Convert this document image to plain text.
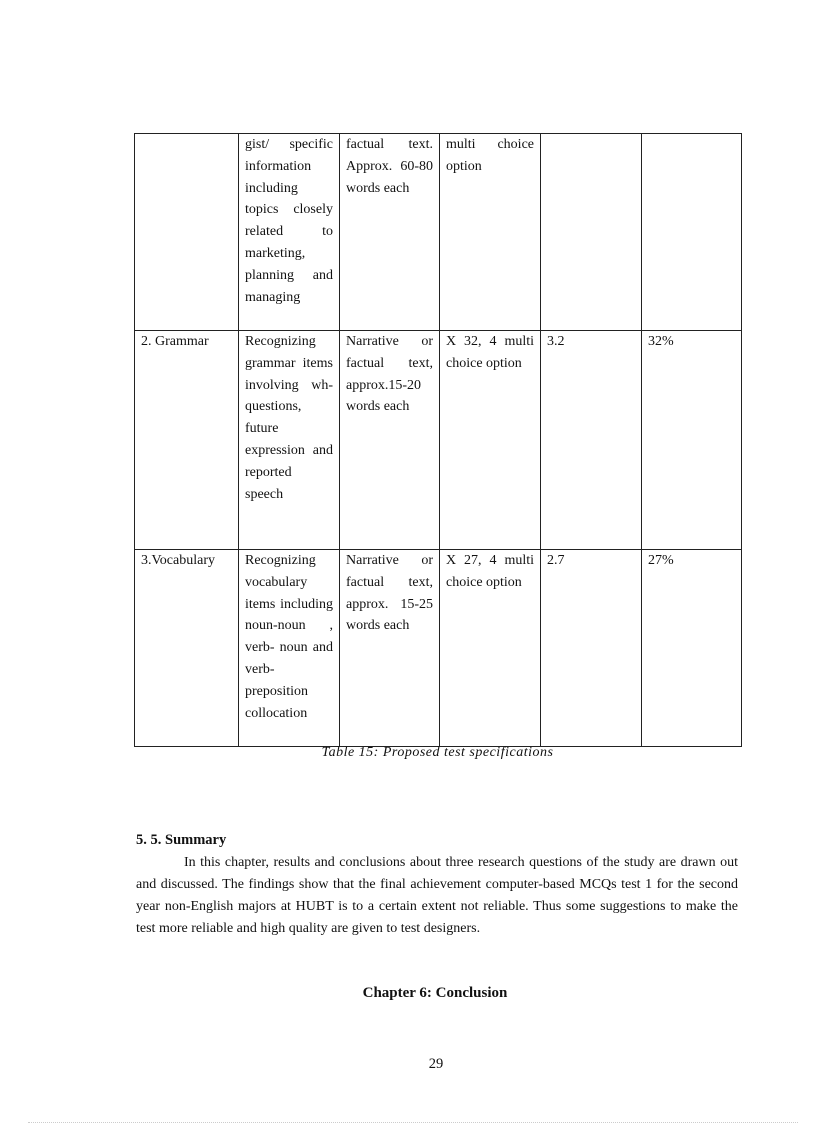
	gist/ specific information including topics closely related to marketing, planning and managing	factual text. Approx. 60-80 words each	multi choice option		
2. Grammar	Recognizing grammar items involving wh-questions, future expression and reported speech	Narrative or factual text, approx.15-20 words each	X 32, 4 multi choice option	3.2	32%
3.Vocabulary	Recognizing vocabulary items including noun-noun , verb- noun and verb-preposition collocation	Narrative or factual text, approx. 15-25 words each	X 27, 4 multi choice option	2.7	27%
Table 15: Proposed test specifications
5. 5. Summary
In this chapter, results and conclusions about three research questions of the study are drawn out and discussed. The findings show that the final achievement computer-based MCQs test 1 for the second year non-English majors at HUBT is to a certain extent not reliable. Thus some suggestions to make the test more reliable and high quality are given to test designers.
Chapter 6: Conclusion
29
